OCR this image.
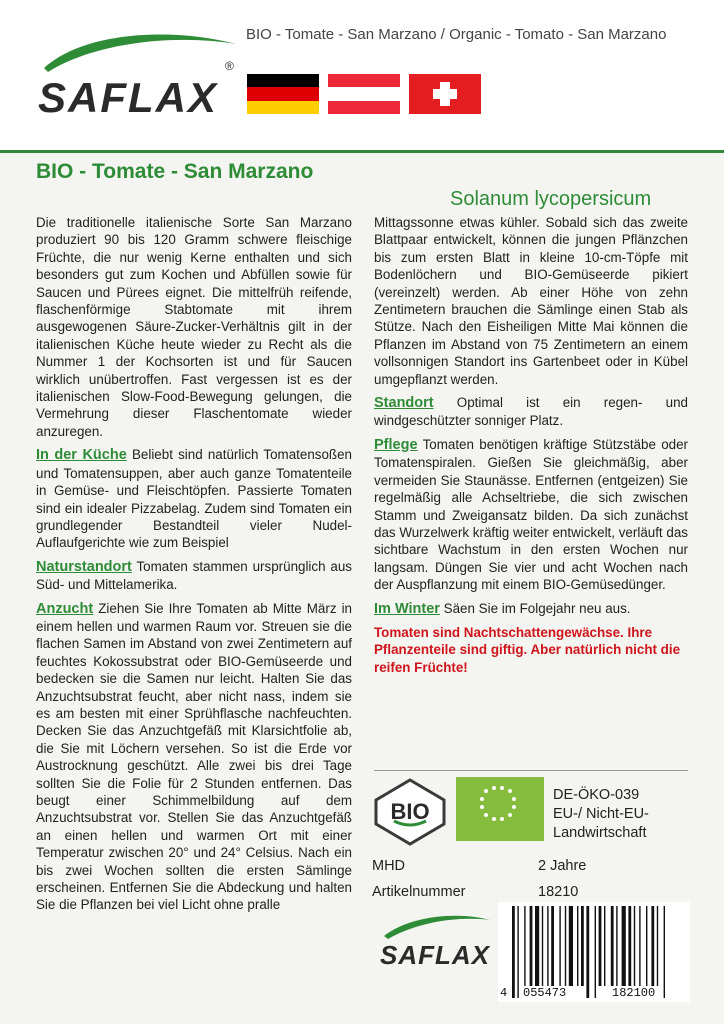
BIO - Tomate - San Marzano / Organic - Tomato - San Marzano
SAFLAX
®
BIO - Tomate - San Marzano
Solanum lycopersicum

Die traditionelle italienische Sorte San Marzano produziert 90 bis 120 Gramm schwere fleischige Früchte, die nur wenig Kerne enthalten und sich besonders gut zum Kochen und Abfüllen sowie für Saucen und Pürees eignet. Die mittelfrüh reifende, flaschenförmige Stabtomate mit ihrem ausgewogenen Säure-Zucker-Verhältnis gilt in der italienischen Küche heute wieder zu Recht als die Nummer 1 der Kochsorten ist und für Saucen wirklich unübertroffen. Fast vergessen ist es der italienischen Slow-Food-Bewegung gelungen, die Vermehrung dieser Flaschentomate wieder anzuregen.

In der Küche Beliebt sind natürlich Tomatensoßen und Tomatensuppen, aber auch ganze Tomatenteile in Gemüse- und Fleischtöpfen. Passierte Tomaten sind ein idealer Pizzabelag. Zudem sind Tomaten ein grundlegender Bestandteil vieler Nudel-Auflaufgerichte wie zum Beispiel

Naturstandort Tomaten stammen ursprünglich aus Süd- und Mittelamerika.

Anzucht Ziehen Sie Ihre Tomaten ab Mitte März in einem hellen und warmen Raum vor. Streuen sie die flachen Samen im Abstand von zwei Zentimetern auf feuchtes Kokossubstrat oder BIO-Gemüseerde und bedecken sie die Samen nur leicht. Halten Sie das Anzuchtsubstrat feucht, aber nicht nass, indem sie es am besten mit einer Sprühflasche nachfeuchten. Decken Sie das Anzuchtgefäß mit Klarsichtfolie ab, die Sie mit Löchern versehen. So ist die Erde vor Austrocknung geschützt. Alle zwei bis drei Tage sollten Sie die Folie für 2 Stunden entfernen. Das beugt einer Schimmelbildung auf dem Anzuchtsubstrat vor. Stellen Sie das Anzuchtgefäß an einen hellen und warmen Ort mit einer Temperatur zwischen 20° und 24° Celsius. Nach ein bis zwei Wochen sollten die ersten Sämlinge erscheinen. Entfernen Sie die Abdeckung und halten Sie die Pflanzen bei viel Licht ohne pralle

Mittagssonne etwas kühler. Sobald sich das zweite Blattpaar entwickelt, können die jungen Pflänzchen bis zum ersten Blatt in kleine 10-cm-Töpfe mit Bodenlöchern und BIO-Gemüseerde pikiert (vereinzelt) werden. Ab einer Höhe von zehn Zentimetern brauchen die Sämlinge einen Stab als Stütze. Nach den Eisheiligen Mitte Mai können die Pflanzen im Abstand von 75 Zentimetern an einem vollsonnigen Standort ins Gartenbeet oder in Kübel umgepflanzt werden.

Standort Optimal ist ein regen- und windgeschützter sonniger Platz.

Pflege Tomaten benötigen kräftige Stützstäbe oder Tomatenspiralen. Gießen Sie gleichmäßig, aber vermeiden Sie Staunässe. Entfernen (entgeizen) Sie regelmäßig alle Achseltriebe, die sich zwischen Stamm und Zweigansatz bilden. Da sich zunächst das Wurzelwerk kräftig weiter entwickelt, verläuft das sichtbare Wachstum in den ersten Wochen nur langsam. Düngen Sie vier und acht Wochen nach der Auspflanzung mit einem BIO-Gemüsedünger.

Im Winter Säen Sie im Folgejahr neu aus.

Tomaten sind Nachtschattengewächse. Ihre Pflanzenteile sind giftig. Aber natürlich nicht die reifen Früchte!

BIO
DE-ÖKO-039
EU-/ Nicht-EU-
Landwirtschaft
MHD	2 Jahre
Artikelnummer	18210
SAFLAX
4 055473	182100
